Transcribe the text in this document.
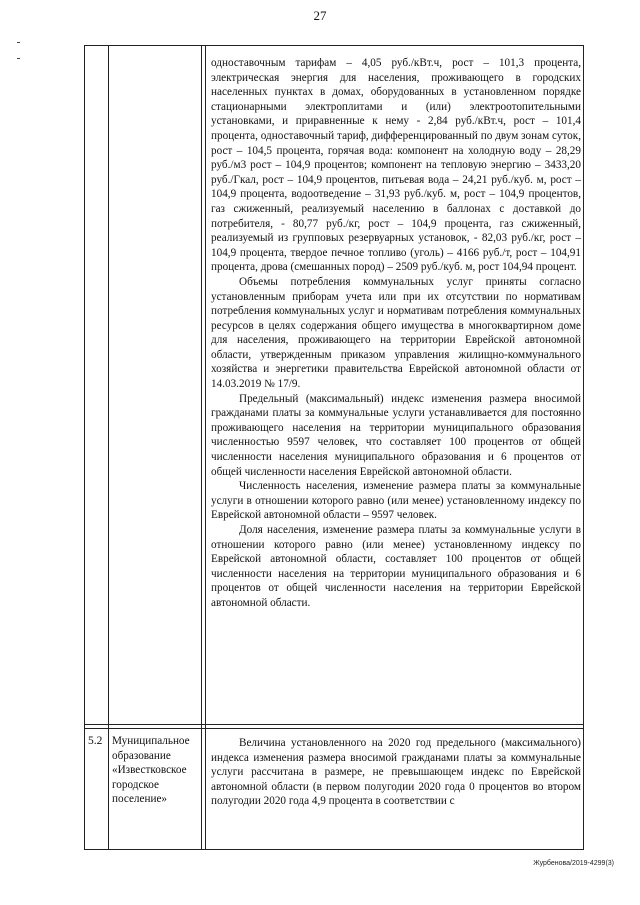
27

одноставочным тарифам – 4,05 руб./кВт.ч, рост – 101,3 процента, электрическая энергия для населения, проживающего в городских населенных пунктах в домах, оборудованных в установленном порядке стационарными электроплитами и (или) электроотопительными установками, и приравненные к нему - 2,84 руб./кВт.ч, рост – 101,4 процента, одноставочный тариф, дифференцированный по двум зонам суток, рост – 104,5 процента, горячая вода: компонент на холодную воду – 28,29 руб./м3 рост – 104,9 процентов; компонент на тепловую энергию – 3433,20 руб./Гкал, рост – 104,9 процентов, питьевая вода – 24,21 руб./куб. м, рост – 104,9 процента, водоотведение – 31,93 руб./куб. м, рост – 104,9 процентов, газ сжиженный, реализуемый населению в баллонах с доставкой до потребителя, - 80,77 руб./кг, рост – 104,9 процента, газ сжиженный, реализуемый из групповых резервуарных установок, - 82,03 руб./кг, рост – 104,9 процента, твердое печное топливо (уголь) – 4166 руб./т, рост – 104,91 процента, дрова (смешанных пород) – 2509 руб./куб. м, рост 104,94 процент.

Объемы потребления коммунальных услуг приняты согласно установленным приборам учета или при их отсутствии по нормативам потребления коммунальных услуг и нормативам потребления коммунальных ресурсов в целях содержания общего имущества в многоквартирном доме для населения, проживающего на территории Еврейской автономной области, утвержденным приказом управления жилищно-коммунального хозяйства и энергетики правительства Еврейской автономной области от 14.03.2019 № 17/9.

Предельный (максимальный) индекс изменения размера вносимой гражданами платы за коммунальные услуги устанавливается для постоянно проживающего населения на территории муниципального образования численностью 9597 человек, что составляет 100 процентов от общей численности населения муниципального образования и 6 процентов от общей численности населения Еврейской автономной области.

Численность населения, изменение размера платы за коммунальные услуги в отношении которого равно (или менее) установленному индексу по Еврейской автономной области – 9597 человек.

Доля населения, изменение размера платы за коммунальные услуги в отношении которого равно (или менее) установленному индексу по Еврейской автономной области, составляет 100 процентов от общей численности населения на территории муниципального образования и 6 процентов от общей численности населения на территории Еврейской автономной области.

5.2 Муниципальное
образование
«Известковское
городское
поселение»

Величина установленного на 2020 год предельного (максимального) индекса изменения размера вносимой гражданами платы за коммунальные услуги рассчитана в размере, не превышающем индекс по Еврейской автономной области (в первом полугодии 2020 года 0 процентов во втором полугодии 2020 года 4,9 процента в соответствии с

Журбенова/2019-4299(3)
